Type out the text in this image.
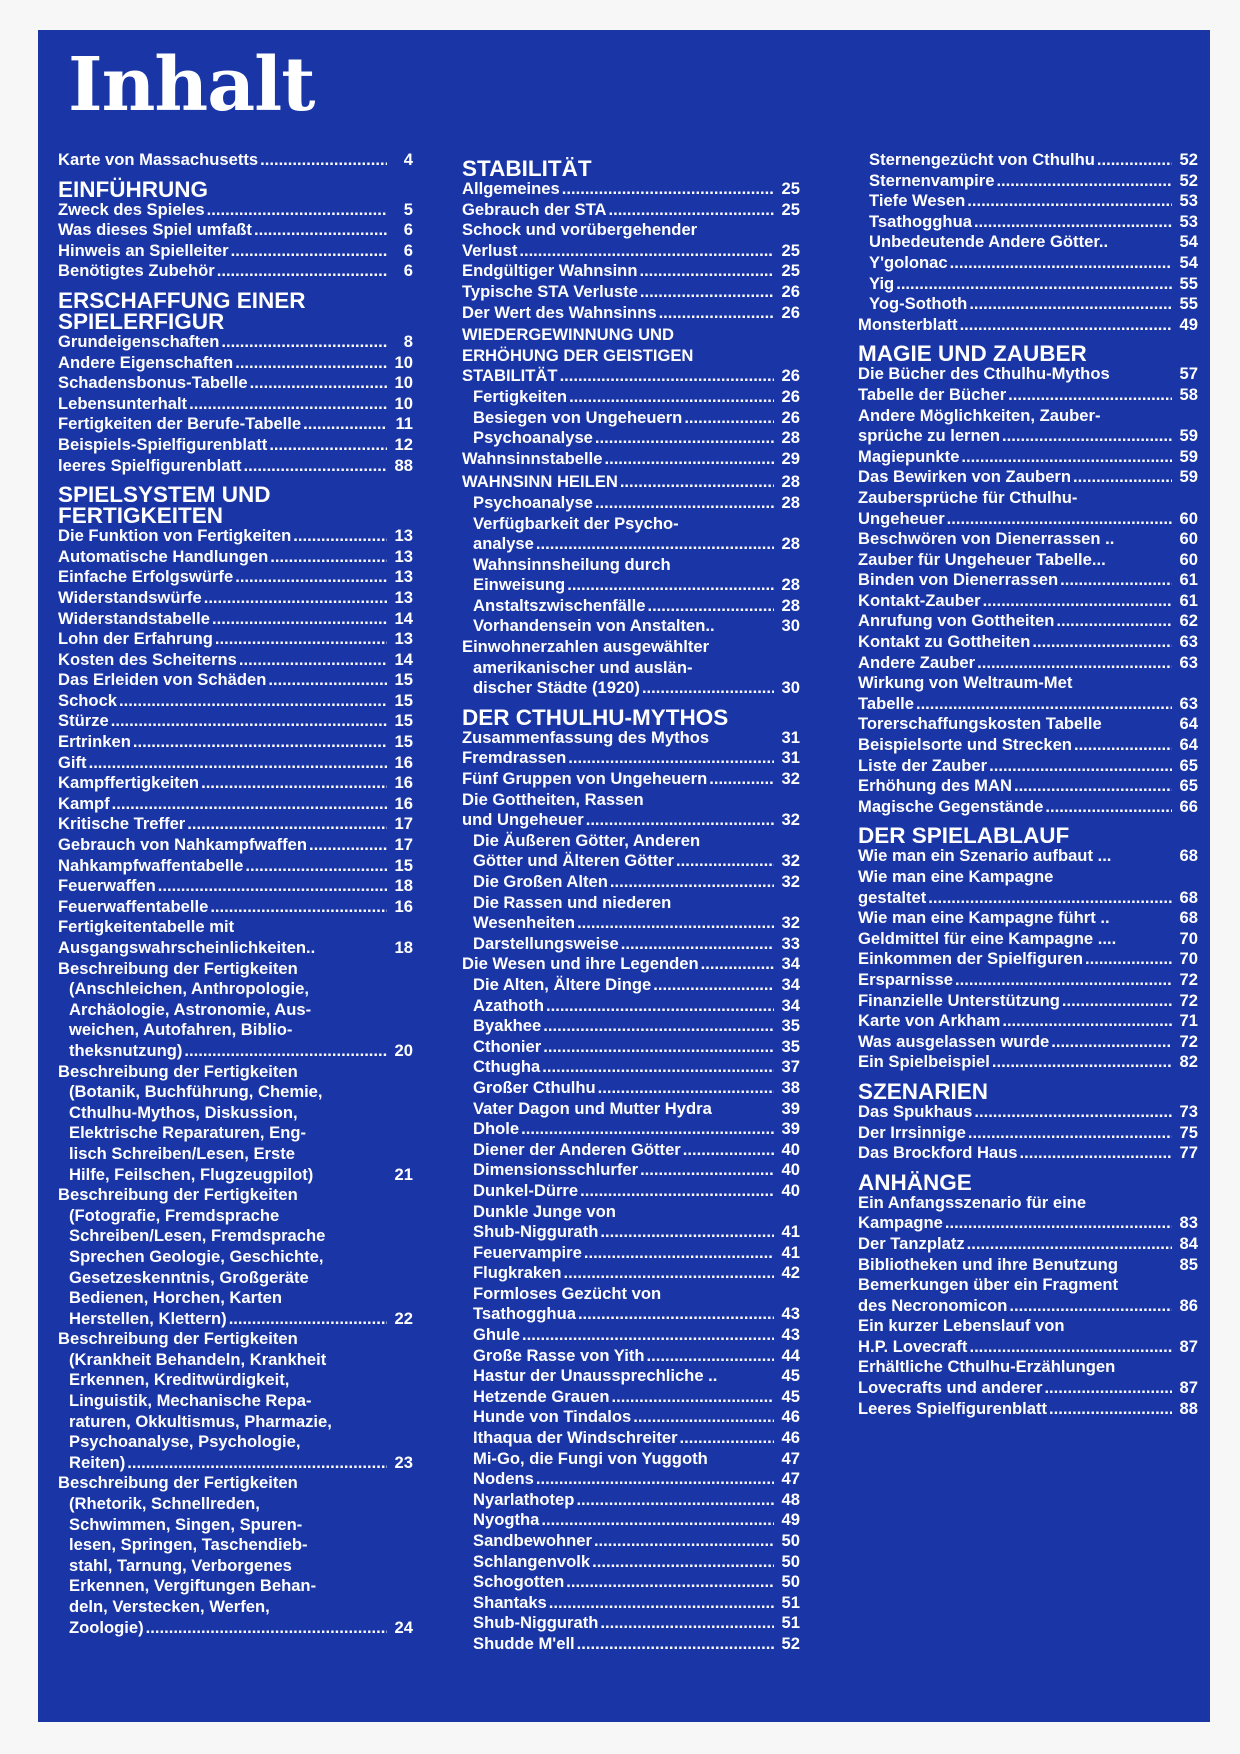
Inhalt
Karte von Massachusetts .....	4
EINFÜHRUNG
Zweck des Spieles .....	5
Was dieses Spiel umfaßt .....	6
Hinweis an Spielleiter .....	6
Benötigtes Zubehör .....	6
ERSCHAFFUNG EINER
SPIELERFIGUR
Grundeigenschaften .....	8
Andere Eigenschaften .....	10
Schadensbonus-Tabelle .....	10
Lebensunterhalt .....	10
Fertigkeiten der Berufe-Tabelle .....	11
Beispiels-Spielfigurenblatt .....	12
leeres Spielfigurenblatt .....	88
SPIELSYSTEM UND
FERTIGKEITEN
Die Funktion von Fertigkeiten .....	13
Automatische Handlungen .....	13
Einfache Erfolgswürfe .....	13
Widerstandswürfe .....	13
Widerstandstabelle .....	14
Lohn der Erfahrung .....	13
Kosten des Scheiterns .....	14
Das Erleiden von Schäden .....	15
Schock .....	15
Stürze .....	15
Ertrinken .....	15
Gift .....	16
Kampffertigkeiten .....	16
Kampf .....	16
Kritische Treffer .....	17
Gebrauch von Nahkampfwaffen .....	17
Nahkampfwaffentabelle .....	15
Feuerwaffen .....	18
Feuerwaffentabelle .....	16
Fertigkeitentabelle mit
Ausgangswahrscheinlichkeiten..	18
Beschreibung der Fertigkeiten
(Anschleichen, Anthropologie,
Archäologie, Astronomie, Aus-
weichen, Autofahren, Biblio-
theksnutzung) .....	20
Beschreibung der Fertigkeiten
(Botanik, Buchführung, Chemie,
Cthulhu-Mythos, Diskussion,
Elektrische Reparaturen, Eng-
lisch Schreiben/Lesen, Erste
Hilfe, Feilschen, Flugzeugpilot)	21
Beschreibung der Fertigkeiten
(Fotografie, Fremdsprache
Schreiben/Lesen, Fremdsprache
Sprechen Geologie, Geschichte,
Gesetzeskenntnis, Großgeräte
Bedienen, Horchen, Karten
Herstellen, Klettern) .....	22
Beschreibung der Fertigkeiten
(Krankheit Behandeln, Krankheit
Erkennen, Kreditwürdigkeit,
Linguistik, Mechanische Repa-
raturen, Okkultismus, Pharmazie,
Psychoanalyse, Psychologie,
Reiten) .....	23
Beschreibung der Fertigkeiten
(Rhetorik, Schnellreden,
Schwimmen, Singen, Spuren-
lesen, Springen, Taschendieb-
stahl, Tarnung, Verborgenes
Erkennen, Vergiftungen Behan-
deln, Verstecken, Werfen,
Zoologie) .....	24
STABILITÄT
Allgemeines .....	25
Gebrauch der STA .....	25
Schock und vorübergehender
Verlust .....	25
Endgültiger Wahnsinn .....	25
Typische STA Verluste .....	26
Der Wert des Wahnsinns .....	26
WIEDERGEWINNUNG UND
ERHÖHUNG DER GEISTIGEN
STABILITÄT .....	26
Fertigkeiten .....	26
Besiegen von Ungeheuern .....	26
Psychoanalyse .....	28
Wahnsinnstabelle .....	29
WAHNSINN HEILEN .....	28
Psychoanalyse .....	28
Verfügbarkeit der Psycho-
analyse .....	28
Wahnsinnsheilung durch
Einweisung .....	28
Anstaltszwischenfälle .....	28
Vorhandensein von Anstalten..	30
Einwohnerzahlen ausgewählter
amerikanischer und auslän-
discher Städte (1920) .....	30
DER CTHULHU-MYTHOS
Zusammenfassung des Mythos	31
Fremdrassen .....	31
Fünf Gruppen von Ungeheuern .....	32
Die Gottheiten, Rassen
und Ungeheuer .....	32
Die Äußeren Götter, Anderen
Götter und Älteren Götter .....	32
Die Großen Alten .....	32
Die Rassen und niederen
Wesenheiten .....	32
Darstellungsweise .....	33
Die Wesen und ihre Legenden .....	34
Die Alten, Ältere Dinge .....	34
Azathoth .....	34
Byakhee .....	35
Cthonier .....	35
Cthugha .....	37
Großer Cthulhu .....	38
Vater Dagon und Mutter Hydra	39
Dhole .....	39
Diener der Anderen Götter .....	40
Dimensionsschlurfer .....	40
Dunkel-Dürre .....	40
Dunkle Junge von
Shub-Niggurath .....	41
Feuervampire .....	41
Flugkraken .....	42
Formloses Gezücht von
Tsathogghua .....	43
Ghule .....	43
Große Rasse von Yith .....	44
Hastur der Unaussprechliche ..	45
Hetzende Grauen .....	45
Hunde von Tindalos .....	46
Ithaqua der Windschreiter .....	46
Mi-Go, die Fungi von Yuggoth	47
Nodens .....	47
Nyarlathotep .....	48
Nyogtha .....	49
Sandbewohner .....	50
Schlangenvolk .....	50
Schogotten .....	50
Shantaks .....	51
Shub-Niggurath .....	51
Shudde M'ell .....	52
Sternengezücht von Cthulhu .....	52
Sternenvampire .....	52
Tiefe Wesen .....	53
Tsathogghua .....	53
Unbedeutende Andere Götter..	54
Y'golonac .....	54
Yig .....	55
Yog-Sothoth .....	55
Monsterblatt .....	49
MAGIE UND ZAUBER
Die Bücher des Cthulhu-Mythos	57
Tabelle der Bücher .....	58
Andere Möglichkeiten, Zauber-
sprüche zu lernen .....	59
Magiepunkte .....	59
Das Bewirken von Zaubern .....	59
Zaubersprüche für Cthulhu-
Ungeheuer .....	60
Beschwören von Dienerrassen ..	60
Zauber für Ungeheuer Tabelle...	60
Binden von Dienerrassen .....	61
Kontakt-Zauber .....	61
Anrufung von Gottheiten .....	62
Kontakt zu Gottheiten .....	63
Andere Zauber .....	63
Wirkung von Weltraum-Met
Tabelle .....	63
Torerschaffungskosten Tabelle	64
Beispielsorte und Strecken .....	64
Liste der Zauber .....	65
Erhöhung des MAN .....	65
Magische Gegenstände .....	66
DER SPIELABLAUF
Wie man ein Szenario aufbaut ...	68
Wie man eine Kampagne
gestaltet .....	68
Wie man eine Kampagne führt ..	68
Geldmittel für eine Kampagne ....	70
Einkommen der Spielfiguren .....	70
Ersparnisse .....	72
Finanzielle Unterstützung .....	72
Karte von Arkham .....	71
Was ausgelassen wurde .....	72
Ein Spielbeispiel .....	82
SZENARIEN
Das Spukhaus .....	73
Der Irrsinnige .....	75
Das Brockford Haus .....	77
ANHÄNGE
Ein Anfangsszenario für eine
Kampagne .....	83
Der Tanzplatz .....	84
Bibliotheken und ihre Benutzung	85
Bemerkungen über ein Fragment
des Necronomicon .....	86
Ein kurzer Lebenslauf von
H.P. Lovecraft .....	87
Erhältliche Cthulhu-Erzählungen
Lovecrafts und anderer .....	87
Leeres Spielfigurenblatt .....	88
